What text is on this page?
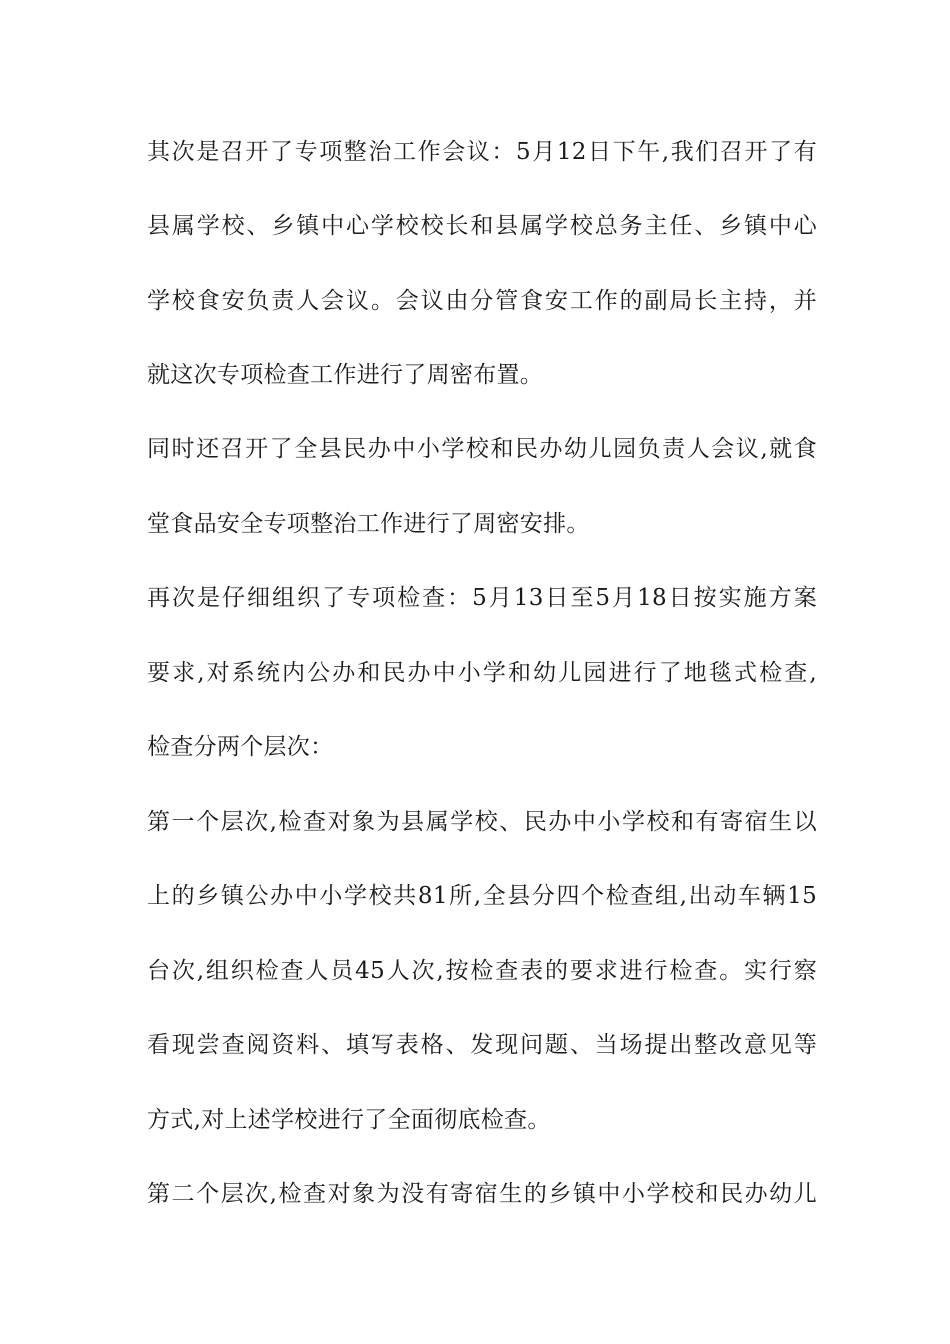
其次是召开了专项整治工作会议：5月12日下午,我们召开了有
县属学校、乡镇中心学校校长和县属学校总务主任、乡镇中心
学校食安负责人会议。会议由分管食安工作的副局长主持，并
就这次专项检查工作进行了周密布置。
同时还召开了全县民办中小学校和民办幼儿园负责人会议,就食
堂食品安全专项整治工作进行了周密安排。
再次是仔细组织了专项检查：5月13日至5月18日按实施方案
要求,对系统内公办和民办中小学和幼儿园进行了地毯式检查,
检查分两个层次：
第一个层次,检查对象为县属学校、民办中小学校和有寄宿生以
上的乡镇公办中小学校共81所,全县分四个检查组,出动车辆15
台次,组织检查人员45人次,按检查表的要求进行检查。实行察
看现尝查阅资料、填写表格、发现问题、当场提出整改意见等
方式,对上述学校进行了全面彻底检查。
第二个层次,检查对象为没有寄宿生的乡镇中小学校和民办幼儿
